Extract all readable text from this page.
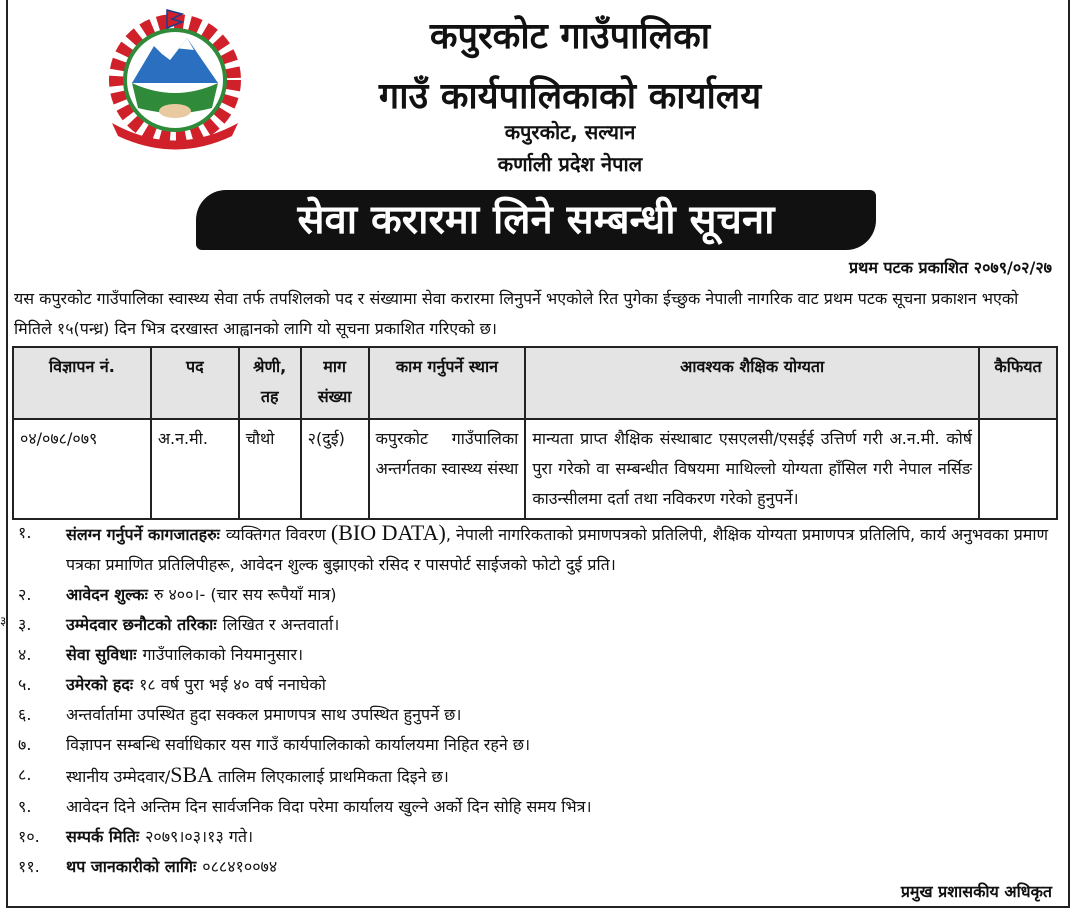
कपुरकोट गाउँपालिका
गाउँ कार्यपालिकाको कार्यालय
कपुरकोट, सल्यान
कर्णाली प्रदेश नेपाल
सेवा करारमा लिने सम्बन्धी सूचना
प्रथम पटक प्रकाशित २०७९/०२/२७
यस कपुरकोट गाउँपालिका स्वास्थ्य सेवा तर्फ तपशिलको पद र संख्यामा सेवा करारमा लिनुपर्ने भएकोले रित पुगेका ईच्छुक नेपाली नागरिक वाट प्रथम पटक सूचना प्रकाशन भएको मितिले १५(पन्ध्र) दिन भित्र दरखास्त आह्वानको लागि यो सूचना प्रकाशित गरिएको छ।
विज्ञापन नं.	पद	श्रेणी, तह	माग संख्या	काम गर्नुपर्ने स्थान	आवश्यक शैक्षिक योग्यता	कैफियत
०४/०७८/०७९	अ.न.मी.	चौथो	२(दुई)	कपुरकोट गाउँपालिका अन्तर्गतका स्वास्थ्य संस्था	मान्यता प्राप्त शैक्षिक संस्थाबाट एसएलसी/एसईई उत्तिर्ण गरी अ.न.मी. कोर्ष पुरा गरेको वा सम्बन्धीत विषयमा माथिल्लो योग्यता हाँसिल गरी नेपाल नर्सिङ काउन्सीलमा दर्ता तथा नविकरण गरेको हुनुपर्ने।	
१.	संलग्न गर्नुपर्ने कागजातहरुः व्यक्तिगत विवरण (BIO DATA), नेपाली नागरिकताको प्रमाणपत्रको प्रतिलिपी, शैक्षिक योग्यता प्रमाणपत्र प्रतिलिपि, कार्य अनुभवका प्रमाण पत्रका प्रमाणित प्रतिलिपीहरू, आवेदन शुल्क बुझाएको रसिद र पासपोर्ट साईजको फोटो दुई प्रति।
२.	आवेदन शुल्कः रु ४००।- (चार सय रूपैयाँ मात्र)
३.	उम्मेदवार छनौटको तरिकाः लिखित र अन्तवार्ता।
४.	सेवा सुविधाः गाउँपालिकाको नियमानुसार।
५.	उमेरको हदः १८ वर्ष पुरा भई ४० वर्ष ननाघेको
६.	अन्तर्वार्तामा उपस्थित हुदा सक्कल प्रमाणपत्र साथ उपस्थित हुनुपर्ने छ।
७.	विज्ञापन सम्बन्धि सर्वाधिकार यस गाउँ कार्यपालिकाको कार्यालयमा निहित रहने छ।
८.	स्थानीय उम्मेदवार/SBA तालिम लिएकालाई प्राथमिकता दिइने छ।
९.	आवेदन दिने अन्तिम दिन सार्वजनिक विदा परेमा कार्यालय खुल्ने अर्को दिन सोहि समय भित्र।
१०.	सम्पर्क मितिः २०७९।०३।१३ गते।
११.	थप जानकारीको लागिः ०८८४१००७४
३
प्रमुख प्रशासकीय अधिकृत
